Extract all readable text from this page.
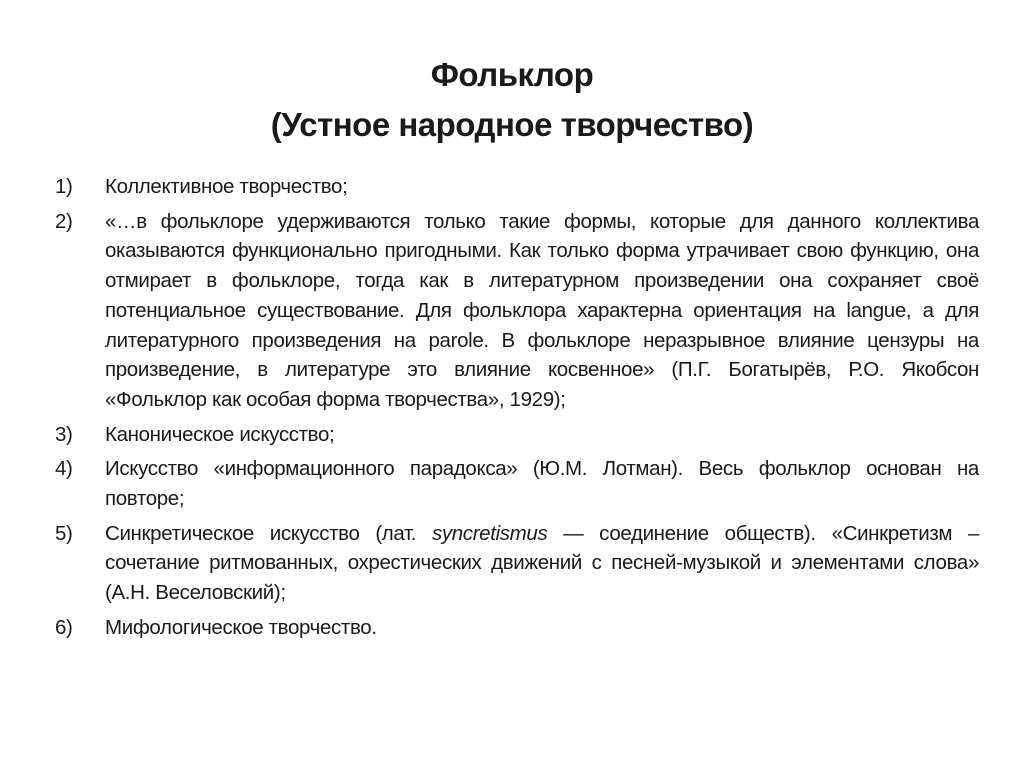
Фольклор
(Устное народное творчество)
1) Коллективное творчество;
2) «…в фольклоре удерживаются только такие формы, которые для данного коллектива оказываются функционально пригодными. Как только форма утрачивает свою функцию, она отмирает в фольклоре, тогда как в литературном произведении она сохраняет своё потенциальное существование. Для фольклора характерна ориентация на langue, а для литературного произведения на parole. В фольклоре неразрывное влияние цензуры на произведение, в литературе это влияние косвенное» (П.Г. Богатырёв, Р.О. Якобсон «Фольклор как особая форма творчества», 1929);
3) Каноническое искусство;
4) Искусство «информационного парадокса» (Ю.М. Лотман). Весь фольклор основан на повторе;
5) Синкретическое искусство (лат. syncretismus — соединение обществ). «Синкретизм – сочетание ритмованных, охрестических движений с песней-музыкой и элементами слова» (А.Н. Веселовский);
6) Мифологическое творчество.
